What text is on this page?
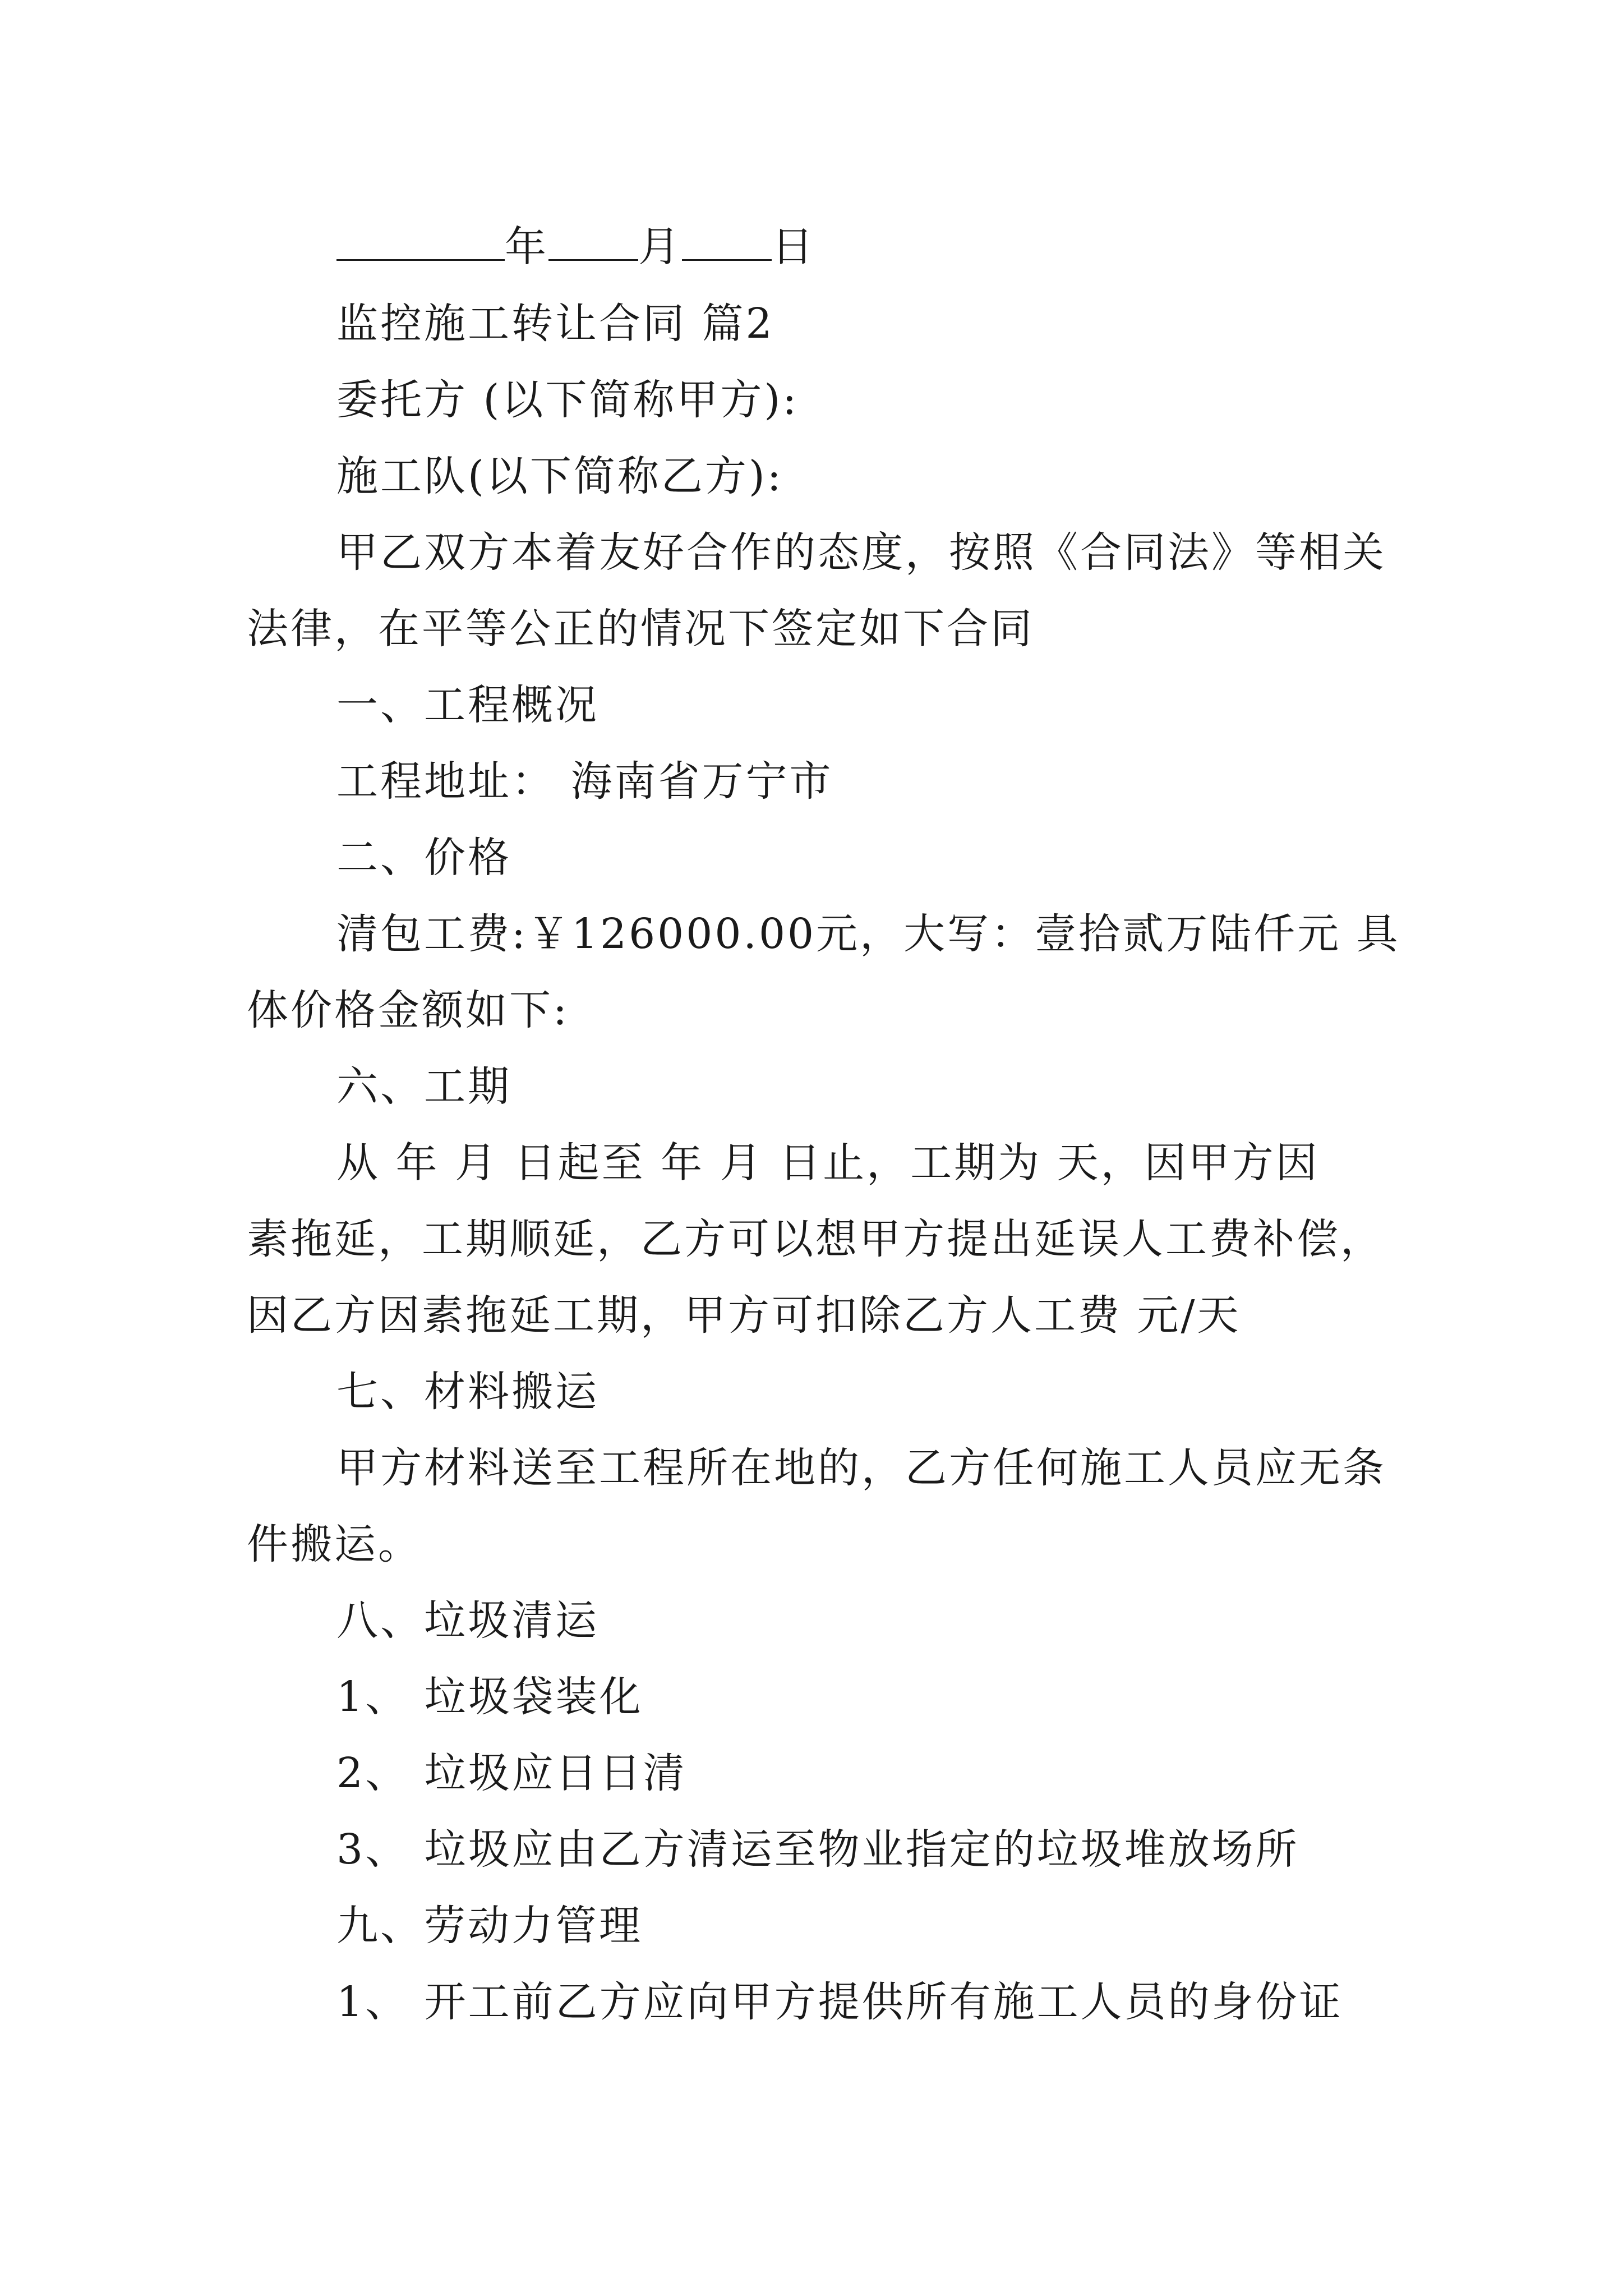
年 月 日
监控施工转让合同 篇2
委托方 (以下简称甲方):
施工队(以下简称乙方):
甲乙双方本着友好合作的态度，按照《合同法》等相关
法律，在平等公正的情况下签定如下合同
一、工程概况
工程地址： 海南省万宁市
二、价格
清包工费:￥126000.00元，大写：壹拾贰万陆仟元 具
体价格金额如下:
六、工期
从 年 月 日起至 年 月 日止，工期为 天，因甲方因
素拖延，工期顺延，乙方可以想甲方提出延误人工费补偿，
因乙方因素拖延工期，甲方可扣除乙方人工费 元/天
七、材料搬运
甲方材料送至工程所在地的，乙方任何施工人员应无条
件搬运。
八、垃圾清运
1、 垃圾袋装化
2、 垃圾应日日清
3、 垃圾应由乙方清运至物业指定的垃圾堆放场所
九、劳动力管理
1、 开工前乙方应向甲方提供所有施工人员的身份证
